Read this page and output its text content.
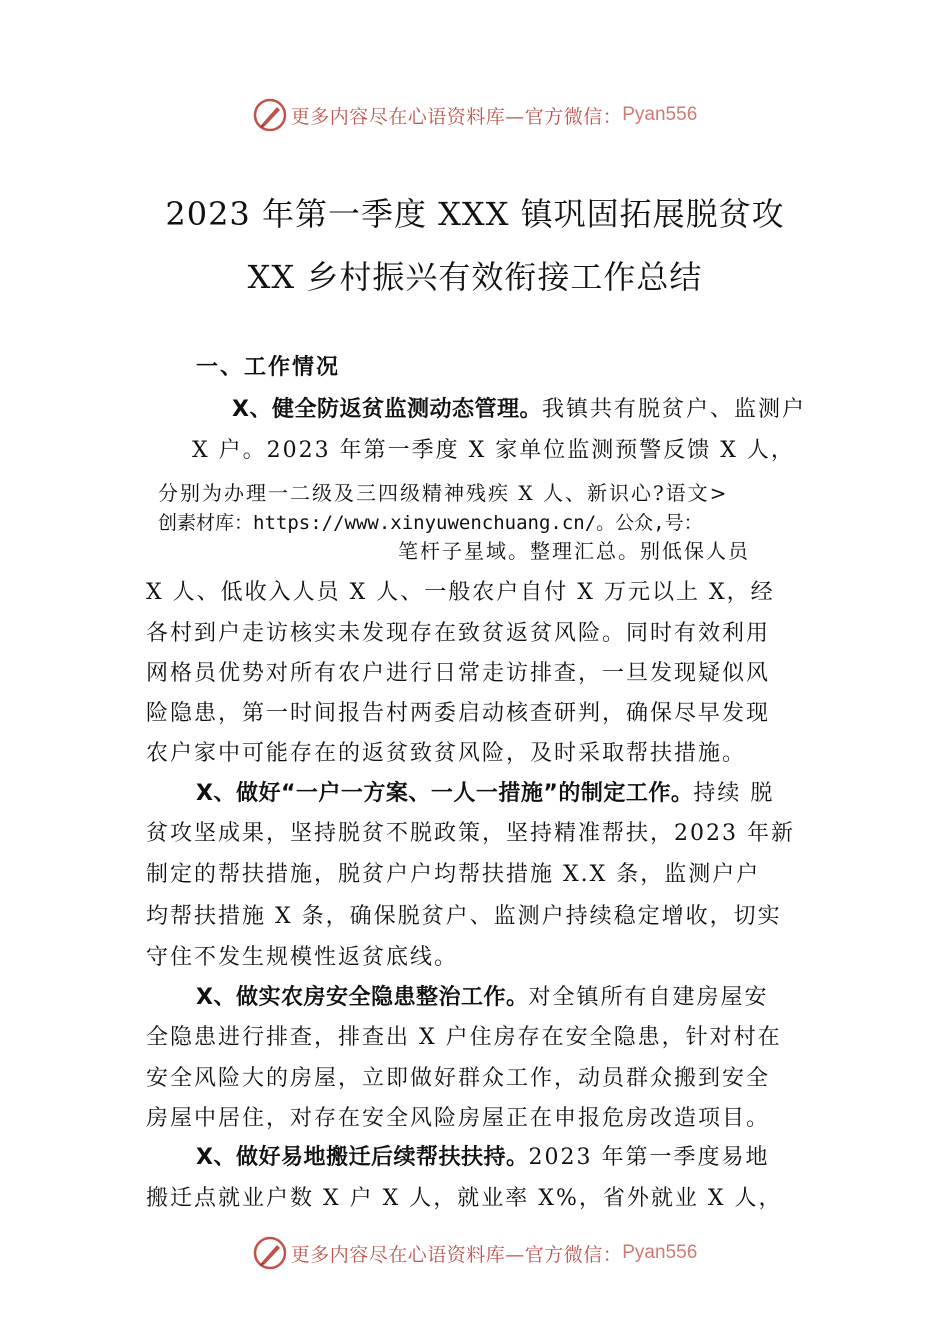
更多内容尽在心语资料库—官方微信： Pyan556
2023 年第一季度 XXX 镇巩固拓展脱贫攻
XX 乡村振兴有效衔接工作总结
一、工作情况
X、健全防返贫监测动态管理。我镇共有脱贫户、监测户
X 户。2023 年第一季度 X 家单位监测预警反馈 X 人，
分别为办理一二级及三四级精神残疾 X 人、新识心?语文>
创素材库：https://www.xinyuwenchuang.cn/。公众,号：
笔杆子星域。整理汇总。别低保人员
X 人、低收入人员 X 人、一般农户自付 X 万元以上 X，经
各村到户走访核实未发现存在致贫返贫风险。同时有效利用
网格员优势对所有农户进行日常走访排查，一旦发现疑似风
险隐患，第一时间报告村两委启动核查研判，确保尽早发现
农户家中可能存在的返贫致贫风险，及时采取帮扶措施。
X、做好“一户一方案、一人一措施”的制定工作。持续 脱
贫攻坚成果，坚持脱贫不脱政策，坚持精准帮扶，2023 年新
制定的帮扶措施，脱贫户户均帮扶措施 X.X 条，监测户户
均帮扶措施 X 条，确保脱贫户、监测户持续稳定增收，切实
守住不发生规模性返贫底线。
X、做实农房安全隐患整治工作。对全镇所有自建房屋安
全隐患进行排查，排查出 X 户住房存在安全隐患，针对村在
安全风险大的房屋，立即做好群众工作，动员群众搬到安全
房屋中居住，对存在安全风险房屋正在申报危房改造项目。
X、做好易地搬迁后续帮扶扶持。2023 年第一季度易地
搬迁点就业户数 X 户 X 人，就业率 X%，省外就业 X 人，
更多内容尽在心语资料库—官方微信： Pyan556
